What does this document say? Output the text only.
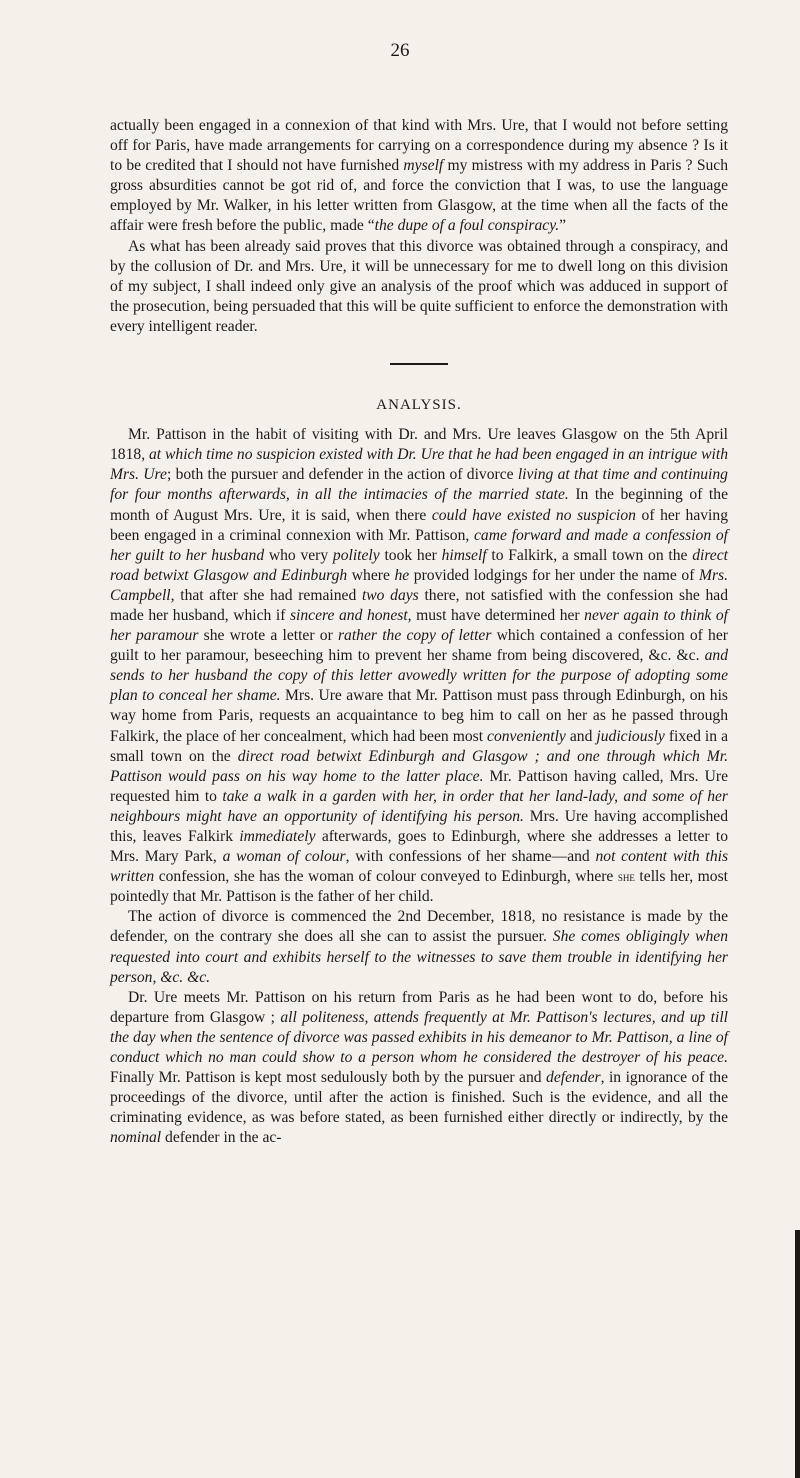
26

actually been engaged in a connexion of that kind with Mrs. Ure, that I would not before setting off for Paris, have made arrangements for carrying on a correspondence during my absence ? Is it to be credited that I should not have furnished myself my mistress with my address in Paris ? Such gross absurdities cannot be got rid of, and force the conviction that I was, to use the language employed by Mr. Walker, in his letter written from Glasgow, at the time when all the facts of the affair were fresh before the public, made “the dupe of a foul conspiracy.”

As what has been already said proves that this divorce was obtained through a conspiracy, and by the collusion of Dr. and Mrs. Ure, it will be unnecessary for me to dwell long on this division of my subject, I shall indeed only give an analysis of the proof which was adduced in support of the prosecution, being persuaded that this will be quite sufficient to enforce the demonstration with every intelligent reader.

ANALYSIS.

Mr. Pattison in the habit of visiting with Dr. and Mrs. Ure leaves Glasgow on the 5th April 1818, at which time no suspicion existed with Dr. Ure that he had been engaged in an intrigue with Mrs. Ure; both the pursuer and defender in the action of divorce living at that time and continuing for four months afterwards, in all the intimacies of the married state. In the beginning of the month of August Mrs. Ure, it is said, when there could have existed no suspicion of her having been engaged in a criminal connexion with Mr. Pattison, came forward and made a confession of her guilt to her husband who very politely took her himself to Falkirk, a small town on the direct road betwixt Glasgow and Edinburgh where he provided lodgings for her under the name of Mrs. Campbell, that after she had remained two days there, not satisfied with the confession she had made her husband, which if sincere and honest, must have determined her never again to think of her paramour she wrote a letter or rather the copy of letter which contained a confession of her guilt to her paramour, beseeching him to prevent her shame from being discovered, &c. &c. and sends to her husband the copy of this letter avowedly written for the purpose of adopting some plan to conceal her shame. Mrs. Ure aware that Mr. Pattison must pass through Edinburgh, on his way home from Paris, requests an acquaintance to beg him to call on her as he passed through Falkirk, the place of her concealment, which had been most conveniently and judiciously fixed in a small town on the direct road betwixt Edinburgh and Glasgow ; and one through which Mr. Pattison would pass on his way home to the latter place. Mr. Pattison having called, Mrs. Ure requested him to take a walk in a garden with her, in order that her land-lady, and some of her neighbours might have an opportunity of identifying his person. Mrs. Ure having accomplished this, leaves Falkirk immediately afterwards, goes to Edinburgh, where she addresses a letter to Mrs. Mary Park, a woman of colour, with confessions of her shame—and not content with this written confession, she has the woman of colour conveyed to Edinburgh, where she tells her, most pointedly that Mr. Pattison is the father of her child.

The action of divorce is commenced the 2nd December, 1818, no resistance is made by the defender, on the contrary she does all she can to assist the pursuer. She comes obligingly when requested into court and exhibits herself to the witnesses to save them trouble in identifying her person, &c. &c.

Dr. Ure meets Mr. Pattison on his return from Paris as he had been wont to do, before his departure from Glasgow ; all politeness, attends frequently at Mr. Pattison's lectures, and up till the day when the sentence of divorce was passed exhibits in his demeanor to Mr. Pattison, a line of conduct which no man could show to a person whom he considered the destroyer of his peace. Finally Mr. Pattison is kept most sedulously both by the pursuer and defender, in ignorance of the proceedings of the divorce, until after the action is finished. Such is the evidence, and all the criminating evidence, as was before stated, as been furnished either directly or indirectly, by the nominal defender in the ac-
